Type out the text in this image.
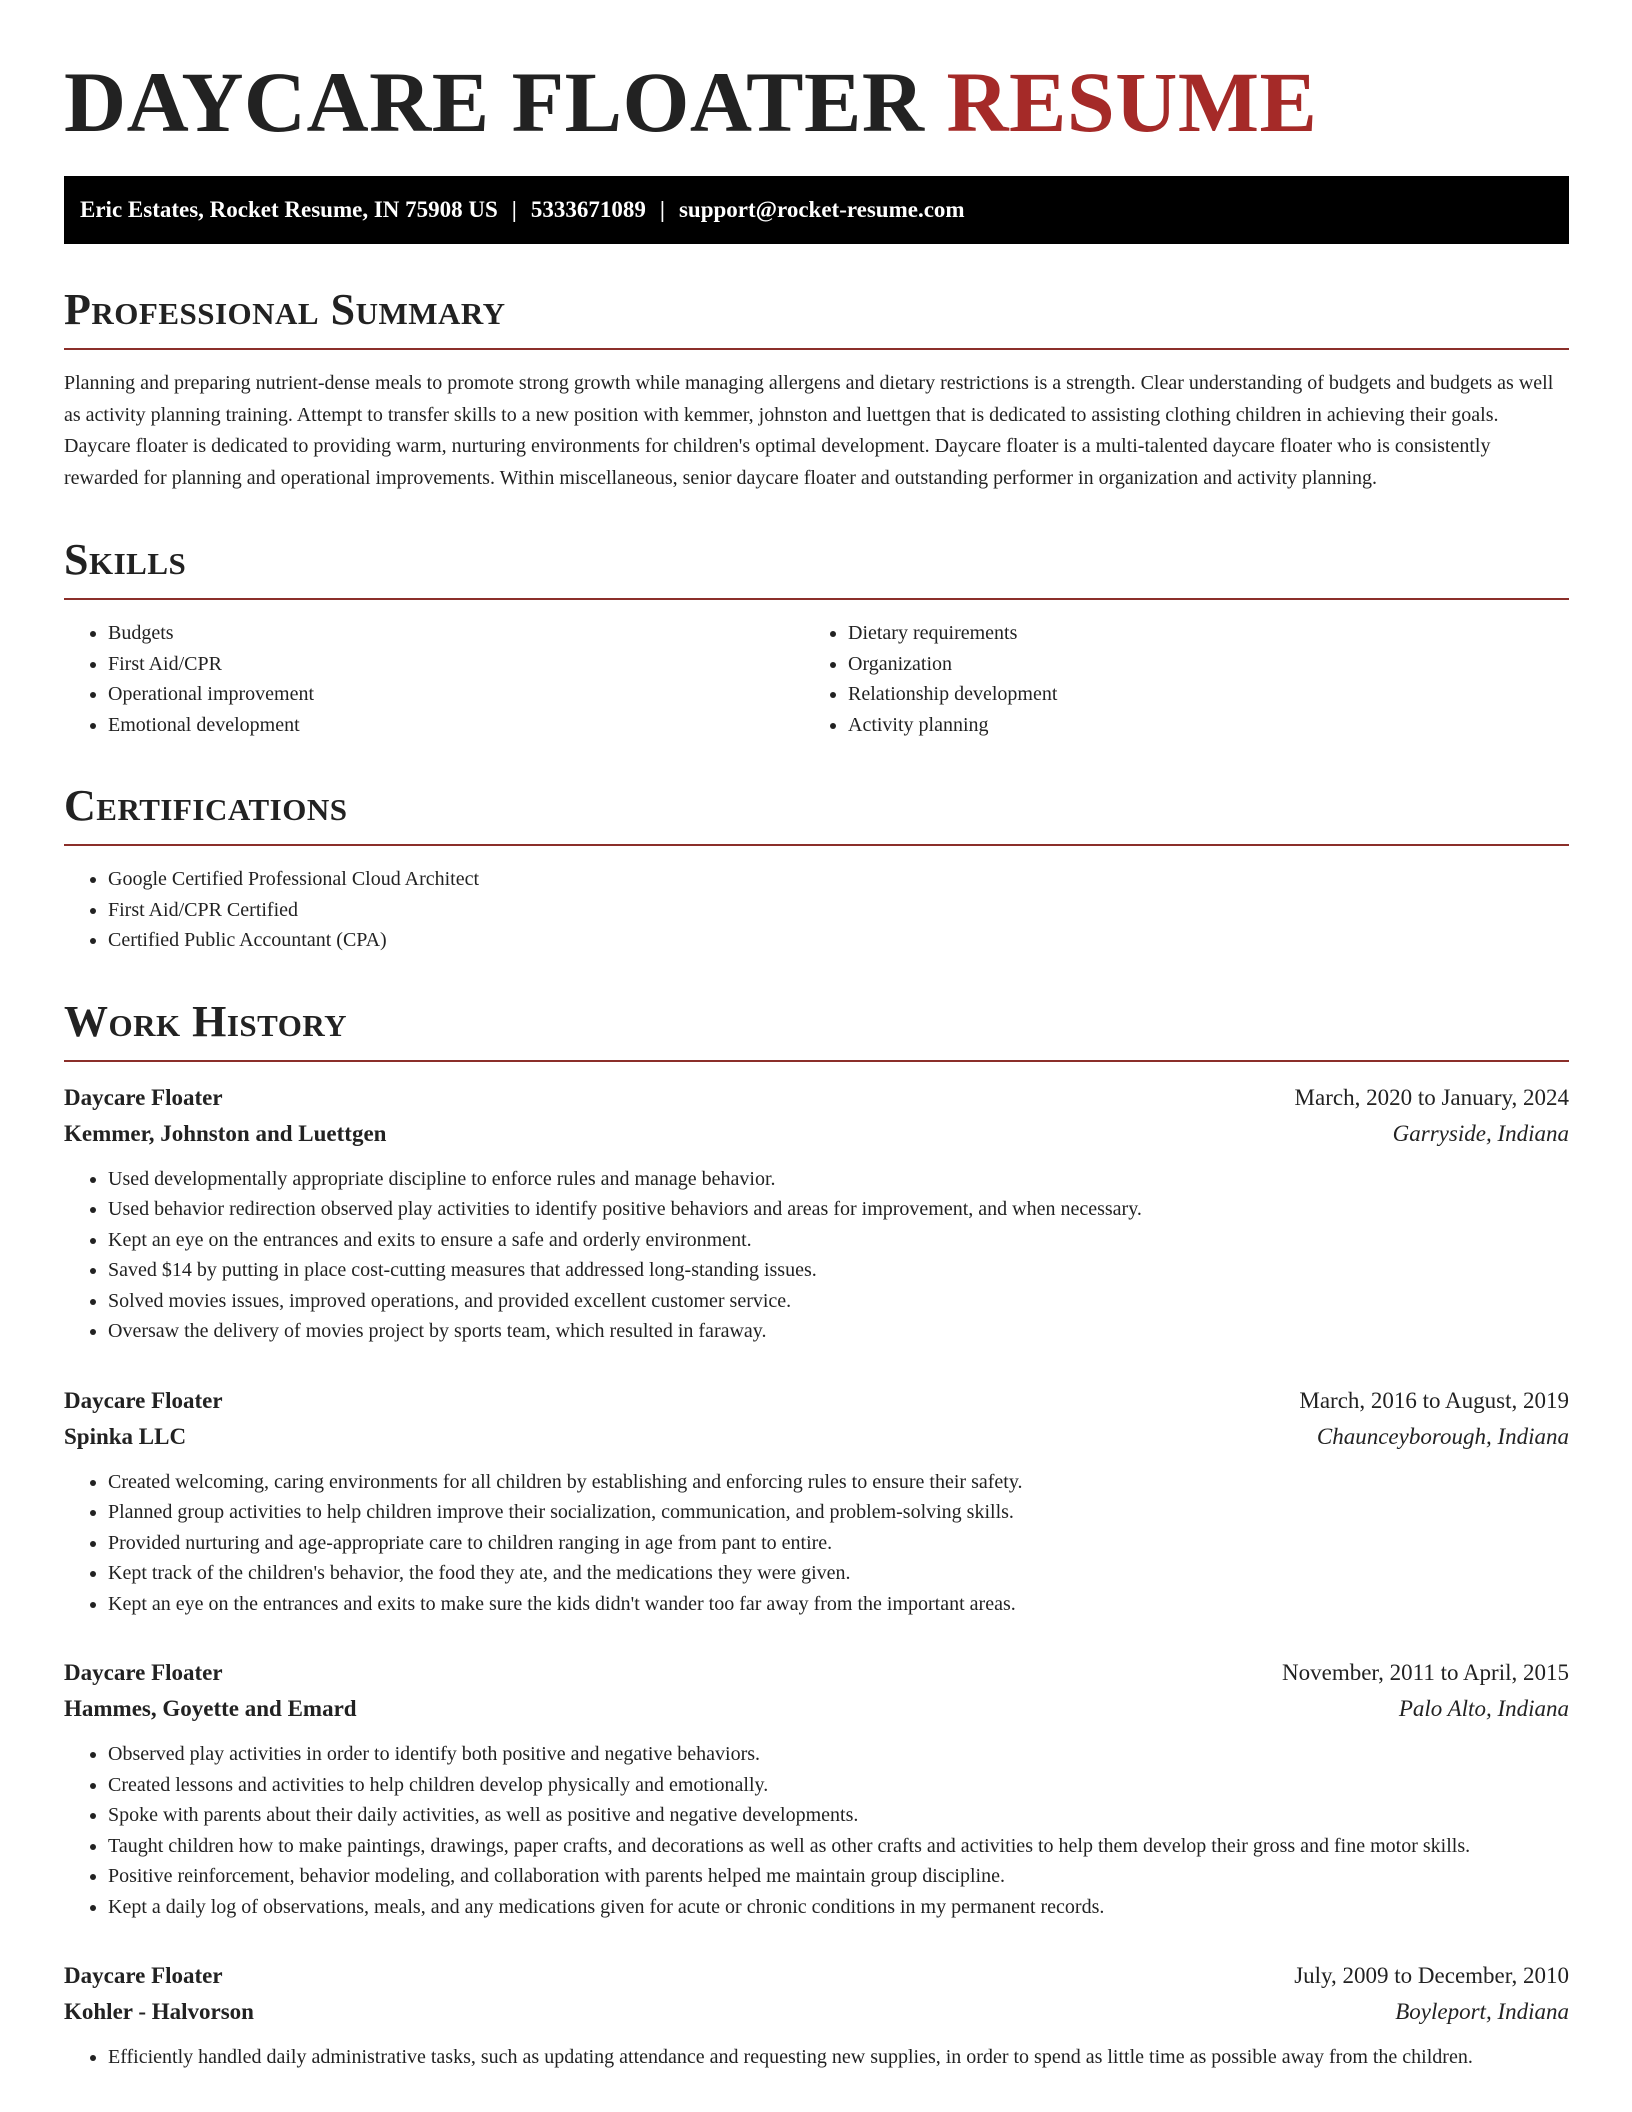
DAYCARE FLOATER RESUME
Eric Estates, Rocket Resume, IN 75908 US | 5333671089 | support@rocket-resume.com
Professional Summary

Planning and preparing nutrient-dense meals to promote strong growth while managing allergens and dietary restrictions is a strength. Clear understanding of budgets and budgets as well as activity planning training. Attempt to transfer skills to a new position with kemmer, johnston and luettgen that is dedicated to assisting clothing children in achieving their goals. Daycare floater is dedicated to providing warm, nurturing environments for children's optimal development. Daycare floater is a multi-talented daycare floater who is consistently rewarded for planning and operational improvements. Within miscellaneous, senior daycare floater and outstanding performer in organization and activity planning.

Skills
• Budgets
• First Aid/CPR
• Operational improvement
• Emotional development
• Dietary requirements
• Organization
• Relationship development
• Activity planning
Certifications
• Google Certified Professional Cloud Architect
• First Aid/CPR Certified
• Certified Public Accountant (CPA)
Work History
Daycare Floater	March, 2020 to January, 2024
Kemmer, Johnston and Luettgen	Garryside, Indiana
• Used developmentally appropriate discipline to enforce rules and manage behavior.
• Used behavior redirection observed play activities to identify positive behaviors and areas for improvement, and when necessary.
• Kept an eye on the entrances and exits to ensure a safe and orderly environment.
• Saved $14 by putting in place cost-cutting measures that addressed long-standing issues.
• Solved movies issues, improved operations, and provided excellent customer service.
• Oversaw the delivery of movies project by sports team, which resulted in faraway.
Daycare Floater	March, 2016 to August, 2019
Spinka LLC	Chaunceyborough, Indiana
• Created welcoming, caring environments for all children by establishing and enforcing rules to ensure their safety.
• Planned group activities to help children improve their socialization, communication, and problem-solving skills.
• Provided nurturing and age-appropriate care to children ranging in age from pant to entire.
• Kept track of the children's behavior, the food they ate, and the medications they were given.
• Kept an eye on the entrances and exits to make sure the kids didn't wander too far away from the important areas.
Daycare Floater	November, 2011 to April, 2015
Hammes, Goyette and Emard	Palo Alto, Indiana
• Observed play activities in order to identify both positive and negative behaviors.
• Created lessons and activities to help children develop physically and emotionally.
• Spoke with parents about their daily activities, as well as positive and negative developments.
• Taught children how to make paintings, drawings, paper crafts, and decorations as well as other crafts and activities to help them develop their gross and fine motor skills.
• Positive reinforcement, behavior modeling, and collaboration with parents helped me maintain group discipline.
• Kept a daily log of observations, meals, and any medications given for acute or chronic conditions in my permanent records.
Daycare Floater	July, 2009 to December, 2010
Kohler - Halvorson	Boyleport, Indiana
• Efficiently handled daily administrative tasks, such as updating attendance and requesting new supplies, in order to spend as little time as possible away from the children.
